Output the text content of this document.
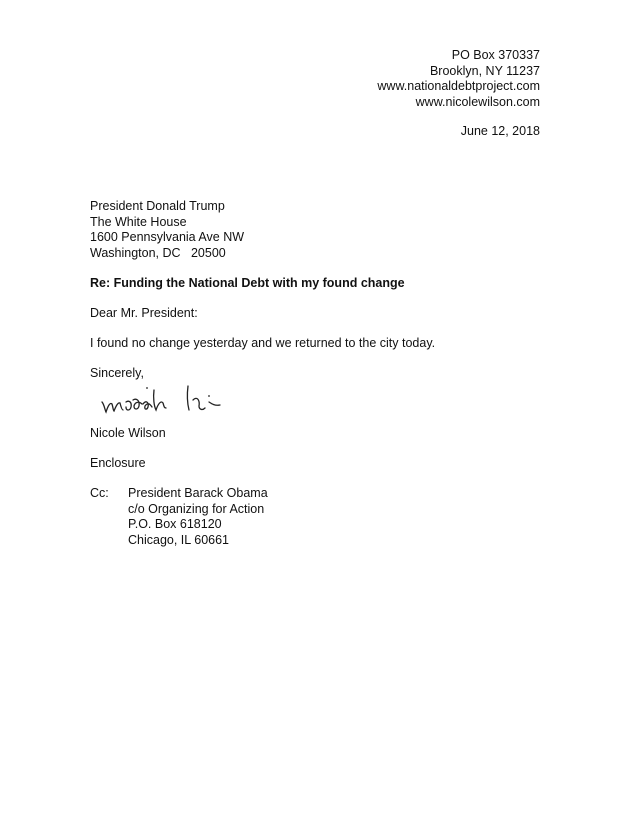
PO Box 370337
Brooklyn, NY 11237
www.nationaldebtproject.com
www.nicolewilson.com
June 12, 2018
President Donald Trump
The White House
1600 Pennsylvania Ave NW
Washington, DC   20500
Re: Funding the National Debt with my found change
Dear Mr. President:
I found no change yesterday and we returned to the city today.
Sincerely,
Nicole Wilson
Enclosure
Cc: President Barack Obama
c/o Organizing for Action
P.O. Box 618120
Chicago, IL 60661
